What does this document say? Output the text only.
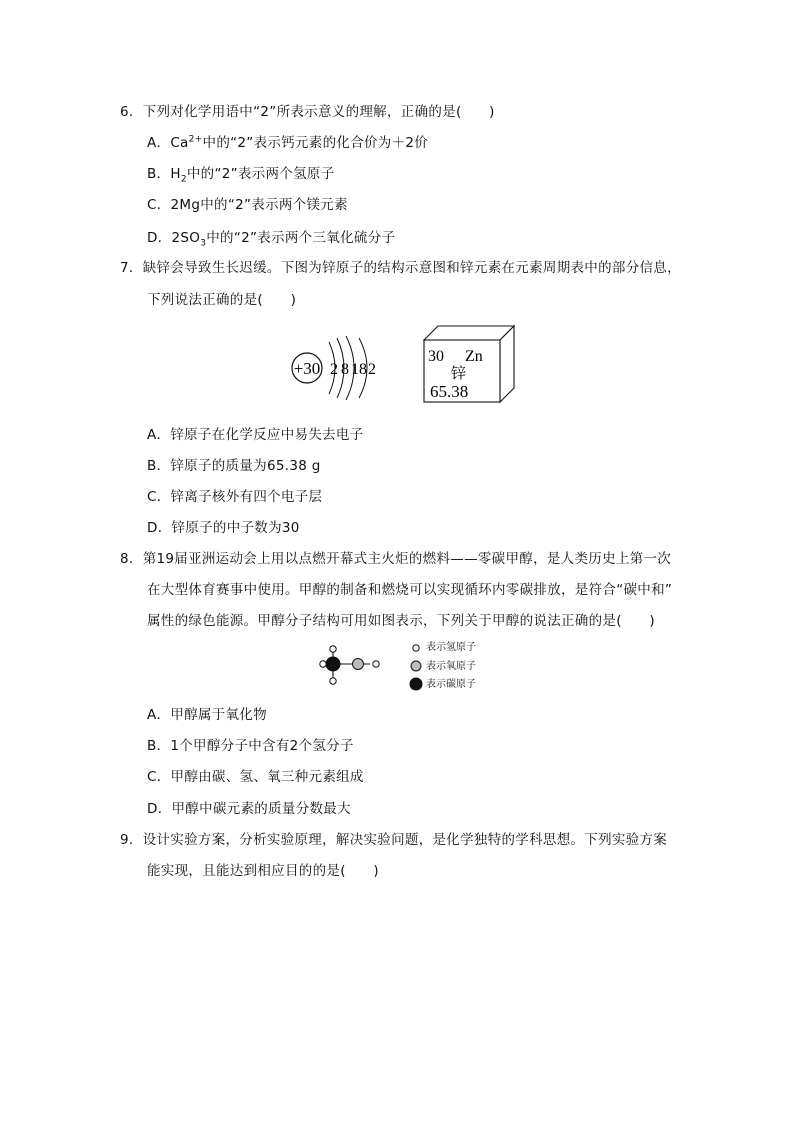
6．下列对化学用语中“2”所表示意义的理解，正确的是(　　)
A．$Ca^{2+}$中的“2”表示钙元素的化合价为＋2价
B．$H_2$中的“2”表示两个氢原子
C．2Mg中的“2”表示两个镁元素
D．$2SO_3$中的“2”表示两个三氧化硫分子
7．缺锌会导致生长迟缓。下图为锌原子的结构示意图和锌元素在元素周期表中的部分信息，
下列说法正确的是(　　)
+30 2 8 18 2
30 Zn
锌
65.38
A．锌原子在化学反应中易失去电子
B．锌原子的质量为65.38 g
C．锌离子核外有四个电子层
D．锌原子的中子数为30
8．第19届亚洲运动会上用以点燃开幕式主火炬的燃料——零碳甲醇，是人类历史上第一次
在大型体育赛事中使用。甲醇的制备和燃烧可以实现循环内零碳排放，是符合“碳中和”
属性的绿色能源。甲醇分子结构可用如图表示，下列关于甲醇的说法正确的是(　　)
表示氢原子
表示氧原子
表示碳原子
A．甲醇属于氧化物
B．1个甲醇分子中含有2个氢分子
C．甲醇由碳、氢、氧三种元素组成
D．甲醇中碳元素的质量分数最大
9．设计实验方案，分析实验原理，解决实验问题，是化学独特的学科思想。下列实验方案
能实现，且能达到相应目的的是(　　)
